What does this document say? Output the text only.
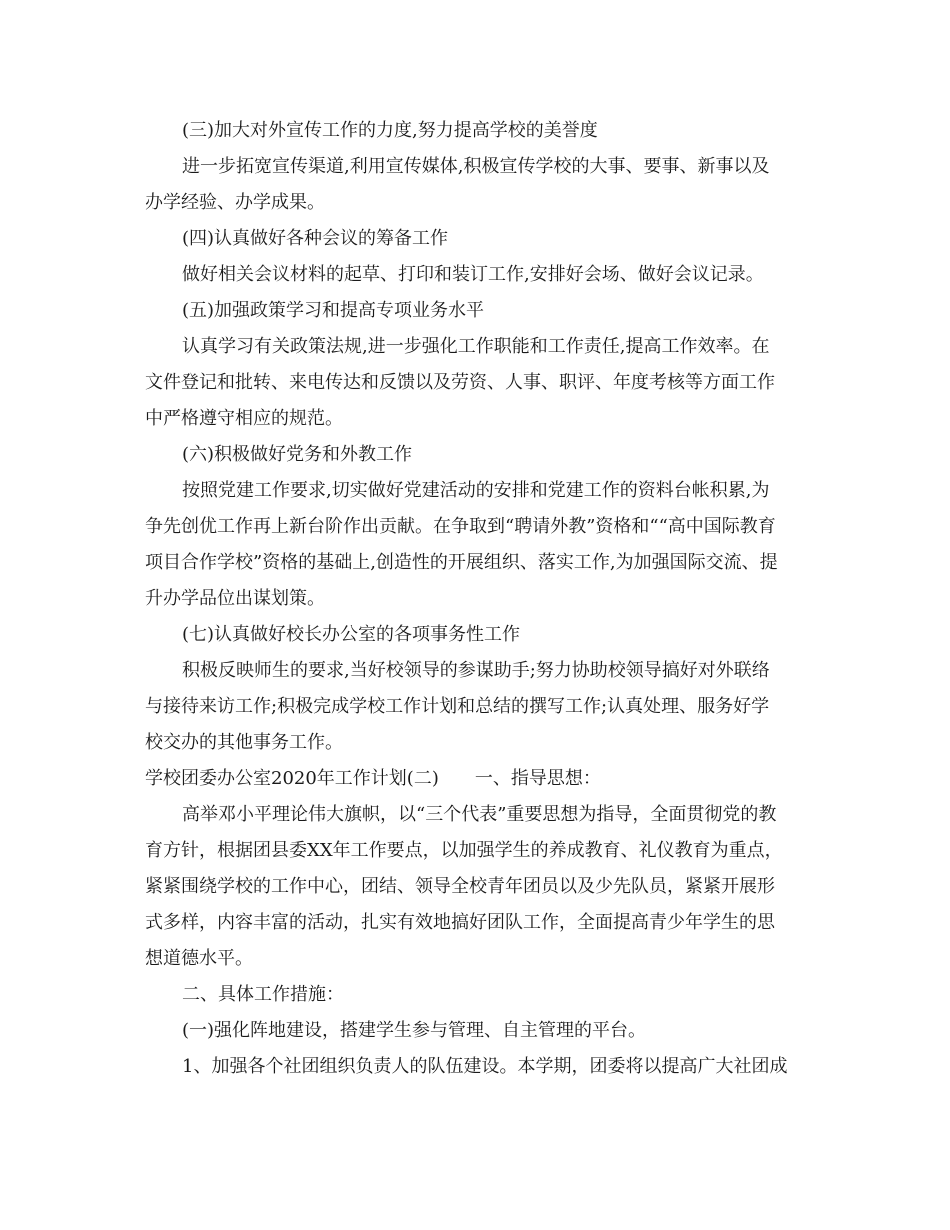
(三)加大对外宣传工作的力度,努力提高学校的美誉度
进一步拓宽宣传渠道,利用宣传媒体,积极宣传学校的大事、要事、新事以及
办学经验、办学成果。
(四)认真做好各种会议的筹备工作
做好相关会议材料的起草、打印和装订工作,安排好会场、做好会议记录。
(五)加强政策学习和提高专项业务水平
认真学习有关政策法规,进一步强化工作职能和工作责任,提高工作效率。在
文件登记和批转、来电传达和反馈以及劳资、人事、职评、年度考核等方面工作
中严格遵守相应的规范。
(六)积极做好党务和外教工作
按照党建工作要求,切实做好党建活动的安排和党建工作的资料台帐积累,为
争先创优工作再上新台阶作出贡献。在争取到“聘请外教”资格和““高中国际教育
项目合作学校”资格的基础上,创造性的开展组织、落实工作,为加强国际交流、提
升办学品位出谋划策。
(七)认真做好校长办公室的各项事务性工作
积极反映师生的要求,当好校领导的参谋助手;努力协助校领导搞好对外联络
与接待来访工作;积极完成学校工作计划和总结的撰写工作;认真处理、服务好学
校交办的其他事务工作。
学校团委办公室2020年工作计划(二)　　一、指导思想：
高举邓小平理论伟大旗帜，以“三个代表”重要思想为指导，全面贯彻党的教
育方针，根据团县委XX年工作要点，以加强学生的养成教育、礼仪教育为重点，
紧紧围绕学校的工作中心，团结、领导全校青年团员以及少先队员，紧紧开展形
式多样，内容丰富的活动，扎实有效地搞好团队工作，全面提高青少年学生的思
想道德水平。
二、具体工作措施：
(一)强化阵地建设，搭建学生参与管理、自主管理的平台。
1、加强各个社团组织负责人的队伍建设。本学期，团委将以提高广大社团成
